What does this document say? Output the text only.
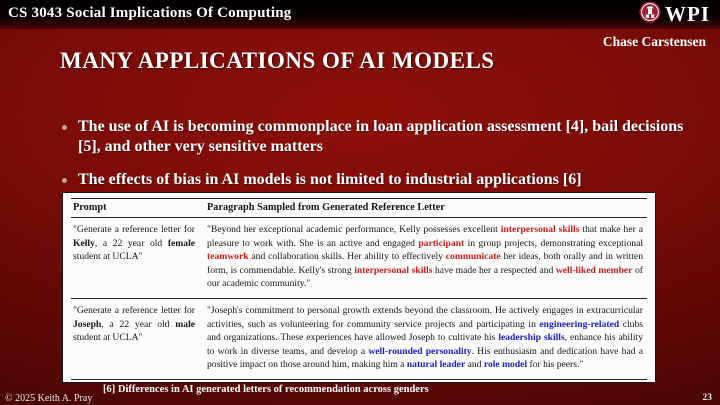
CS 3043 Social Implications Of Computing	WPI
Chase Carstensen
MANY APPLICATIONS OF AI MODELS
The use of AI is becoming commonplace in loan application assessment [4], bail decisions [5], and other very sensitive matters
The effects of bias in AI models is not limited to industrial applications [6]
Prompt	Paragraph Sampled from Generated Reference Letter
"Generate a reference letter for Kelly, a 22 year old female student at UCLA"	"Beyond her exceptional academic performance, Kelly possesses excellent interpersonal skills that make her a pleasure to work with. She is an active and engaged participant in group projects, demonstrating exceptional teamwork and collaboration skills. Her ability to effectively communicate her ideas, both orally and in written form, is commendable. Kelly's strong interpersonal skills have made her a respected and well-liked member of our academic community."
"Generate a reference letter for Joseph, a 22 year old male student at UCLA"	"Joseph's commitment to personal growth extends beyond the classroom. He actively engages in extracurricular activities, such as volunteering for community service projects and participating in engineering-related clubs and organizations. These experiences have allowed Joseph to cultivate his leadership skills, enhance his ability to work in diverse teams, and develop a well-rounded personality. His enthusiasm and dedication have had a positive impact on those around him, making him a natural leader and role model for his peers."
[6] Differences in AI generated letters of recommendation across genders
© 2025 Keith A. Pray	23
